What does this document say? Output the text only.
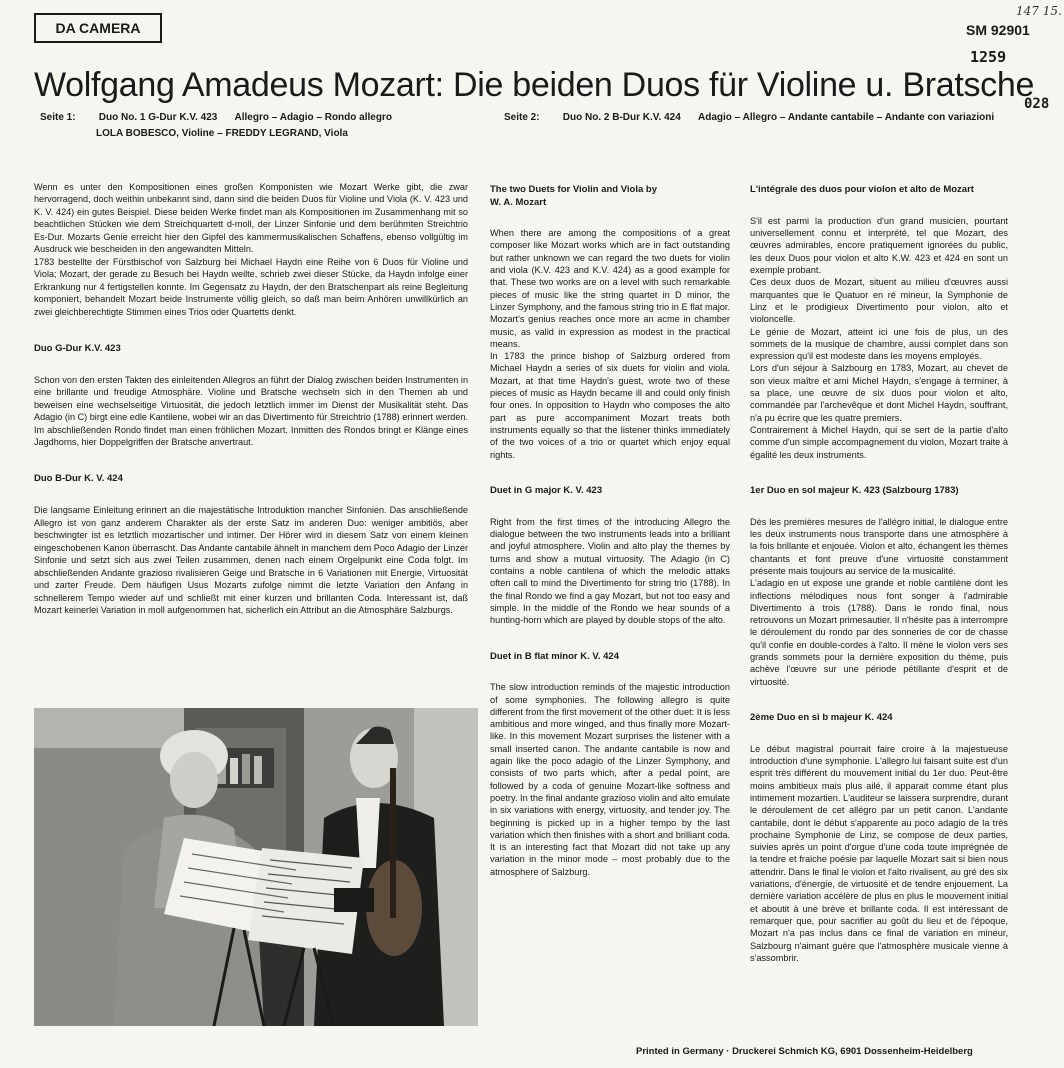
DA CAMERA	SM 92901
147 15.
1259
028
Wolfgang Amadeus Mozart: Die beiden Duos für Violine u. Bratsche
Seite 1: Duo No. 1 G-Dur K.V. 423 Allegro – Adagio – Rondo allegro
LOLA BOBESCO, Violine – FREDDY LEGRAND, Viola
Seite 2: Duo No. 2 B-Dur K.V. 424 Adagio – Allegro – Andante cantabile – Andante con variazioni

Wenn es unter den Kompositionen eines großen Komponisten wie Mozart Werke gibt, die zwar hervorragend, doch weithin unbekannt sind, dann sind die beiden Duos für Violine und Viola (K. V. 423 und K. V. 424) ein gutes Beispiel. Diese beiden Werke findet man als Kompositionen im Zusammenhang mit so beachtlichen Stücken wie dem Streichquartett d-moll, der Linzer Sinfonie und dem berühmten Streichtrio Es-Dur. Mozarts Genie erreicht hier den Gipfel des kammermusikalischen Schaffens, ebenso vollgültig im Ausdruck wie bescheiden in den angewandten Mitteln.
1783 bestellte der Fürstbischof von Salzburg bei Michael Haydn eine Reihe von 6 Duos für Violine und Viola; Mozart, der gerade zu Besuch bei Haydn weilte, schrieb zwei dieser Stücke, da Haydn infolge einer Erkrankung nur 4 fertigstellen konnte. Im Gegensatz zu Haydn, der den Bratschenpart als reine Begleitung komponiert, behandelt Mozart beide Instrumente völlig gleich, so daß man beim Anhören unwillkürlich an zwei gleichberechtigte Stimmen eines Trios oder Quartetts denkt.

Duo G-Dur K.V. 423

Schon von den ersten Takten des einleitenden Allegros an führt der Dialog zwischen beiden Instrumenten in eine brillante und freudige Atmosphäre. Violine und Bratsche wechseln sich in den Themen ab und beweisen eine wechselseitige Virtuosität, die jedoch letztlich immer im Dienst der Musikalität steht. Das Adagio (in C) birgt eine edle Kantilene, wobei wir an das Divertimento für Streichtrio (1788) erinnert werden. Im abschließenden Rondo findet man einen fröhlichen Mozart. Inmitten des Rondos bringt er Klänge eines Jagdhorns, hier Doppelgriffen der Bratsche anvertraut.

Duo B-Dur K. V. 424

Die langsame Einleitung erinnert an die majestätische Introduktion mancher Sinfonien. Das anschließende Allegro ist von ganz anderem Charakter als der erste Satz im anderen Duo: weniger ambitiös, aber beschwingter ist es letztlich mozartischer und intimer. Der Hörer wird in diesem Satz von einem kleinen eingeschobenen Kanon überrascht. Das Andante cantabile ähnelt in manchem dem Poco Adagio der Linzer Sinfonie und setzt sich aus zwei Teilen zusammen, denen nach einem Orgelpunkt eine Coda folgt. Im abschließenden Andante grazioso rivalisieren Geige und Bratsche in 6 Variationen mit Energie, Virtuosität und zarter Freude. Dem häufigen Usus Mozarts zufolge nimmt die letzte Variation den Anfang in schnellerem Tempo wieder auf und schließt mit einer kurzen und brillanten Coda. Interessant ist, daß Mozart keinerlei Variation in moll aufgenommen hat, sicherlich ein Attribut an die Atmosphäre Salzburgs.

The two Duets for Violin and Viola by
W. A. Mozart

When there are among the compositions of a great composer like Mozart works which are in fact outstanding but rather unknown we can regard the two duets for violin and viola (K.V. 423 and K.V. 424) as a good example for that. These two works are on a level with such remarkable pieces of music like the string quartet in D minor, the Linzer Symphony, and the famous string trio in E flat major. Mozart's genius reaches once more an acme in chamber music, as valid in expression as modest in the practical means.
In 1783 the prince bishop of Salzburg ordered from Michael Haydn a series of six duets for violin and viola. Mozart, at that time Haydn's guest, wrote two of these pieces of music as Haydn became ill and could only finish four ones. In opposition to Haydn who composes the alto part as pure accompaniment Mozart treats both instruments equally so that the listener thinks immediately of the two voices of a trio or quartet which enjoy equal rights.

Duet in G major K. V. 423

Right from the first times of the introducing Allegro the dialogue between the two instruments leads into a brilliant and joyful atmosphere. Violin and alto play the themes by turns and show a mutual virtuosity. The Adagio (in C) contains a noble cantilena of which the melodic attaks often call to mind the Divertimento for string trio (1788). In the final Rondo we find a gay Mozart, but not too easy and simple. In the middle of the Rondo we hear sounds of a hunting-horn which are played by double stops of the alto.

Duet in B flat minor K. V. 424

The slow introduction reminds of the majestic introduction of some symphonies. The following allegro is quite different from the first movement of the other duet: It is less ambitious and more winged, and thus finally more Mozart-like. In this movement Mozart surprises the listener with a small inserted canon. The andante cantabile is now and again like the poco adagio of the Linzer Symphony, and consists of two parts which, after a pedal point, are followed by a coda of genuine Mozart-like softness and poetry. In the final andante grazioso violin and alto emulate in six variations with energy, virtuosity, and tender joy. The beginning is picked up in a higher tempo by the last variation which then finishes with a short and brilliant coda. It is an interesting fact that Mozart did not take up any variation in the minor mode – most probably due to the atmosphere of Salzburg.

L'intégrale des duos pour violon et alto de Mozart

S'il est parmi la production d'un grand musicien, pourtant universellement connu et interprété, tel que Mozart, des œuvres admirables, encore pratiquement ignorées du public, les deux Duos pour violon et alto K.W. 423 et 424 en sont un exemple probant.
Ces deux duos de Mozart, situent au milieu d'œuvres aussi marquantes que le Quatuor en ré mineur, la Symphonie de Linz et le prodigieux Divertimento pour violon, alto et violoncelle.
Le génie de Mozart, atteint ici une fois de plus, un des sommets de la musique de chambre, aussi complet dans son expression qu'il est modeste dans les moyens employés.
Lors d'un séjour à Salzbourg en 1783, Mozart, au chevet de son vieux maître et ami Michel Haydn, s'engage à terminer, à sa place, une œuvre de six duos pour violon et alto, commandée par l'archevêque et dont Michel Haydn, souffrant, n'a pu écrire que les quatre premiers.
Contrairement à Michel Haydn, qui se sert de la partie d'alto comme d'un simple accompagnement du violon, Mozart traite à égalité les deux instruments.

1er Duo en sol majeur K. 423 (Salzbourg 1783)

Dès les premières mesures de l'allégro initial, le dialogue entre les deux instruments nous transporte dans une atmosphère à la fois brillante et enjouée. Violon et alto, échangent les thèmes chantants et font preuve d'une virtuosité constamment présente mais toujours au service de la musicalité.
L'adagio en ut expose une grande et noble cantilène dont les inflections mélodiques nous font songer à l'admirable Divertimento à trois (1788). Dans le rondo final, nous retrouvons un Mozart primesautier. Il n'hésite pas à interrompre le déroulement du rondo par des sonneries de cor de chasse qu'il confie en double-cordes à l'alto. Il mène le violon vers ses grands sommets pour la dernière exposition du thème, puis achève l'œuvre sur une période pétillante d'esprit et de virtuosité.

2ème Duo en si b majeur K. 424

Le début magistral pourrait faire croire à la majestueuse introduction d'une symphonie. L'allegro lui faisant suite est d'un esprit très différent du mouvement initial du 1er duo. Peut-être moins ambitieux mais plus ailé, il apparait comme étant plus intimement mozartien. L'auditeur se laissera surprendre, durant le déroulement de cet allégro par un petit canon. L'andante cantabile, dont le début s'apparente au poco adagio de la très prochaine Symphonie de Linz, se compose de deux parties, suivies après un point d'orgue d'une coda toute imprégnée de la tendre et fraiche poésie par laquelle Mozart sait si bien nous attendrir. Dans le final le violon et l'alto rivalisent, au gré des six variations, d'énergie, de virtuosité et de tendre enjouement. La dernière variation accélère de plus en plus le mouvement initial et aboutit à une brève et brillante coda. Il est intéressant de remarquer que, pour sacrifier au goût du lieu et de l'époque, Mozart n'a pas inclus dans ce final de variation en mineur, Salzbourg n'aimant guère que l'atmosphère musicale vienne à s'assombrir.

Printed in Germany · Druckerei Schmich KG, 6901 Dossenheim-Heidelberg
